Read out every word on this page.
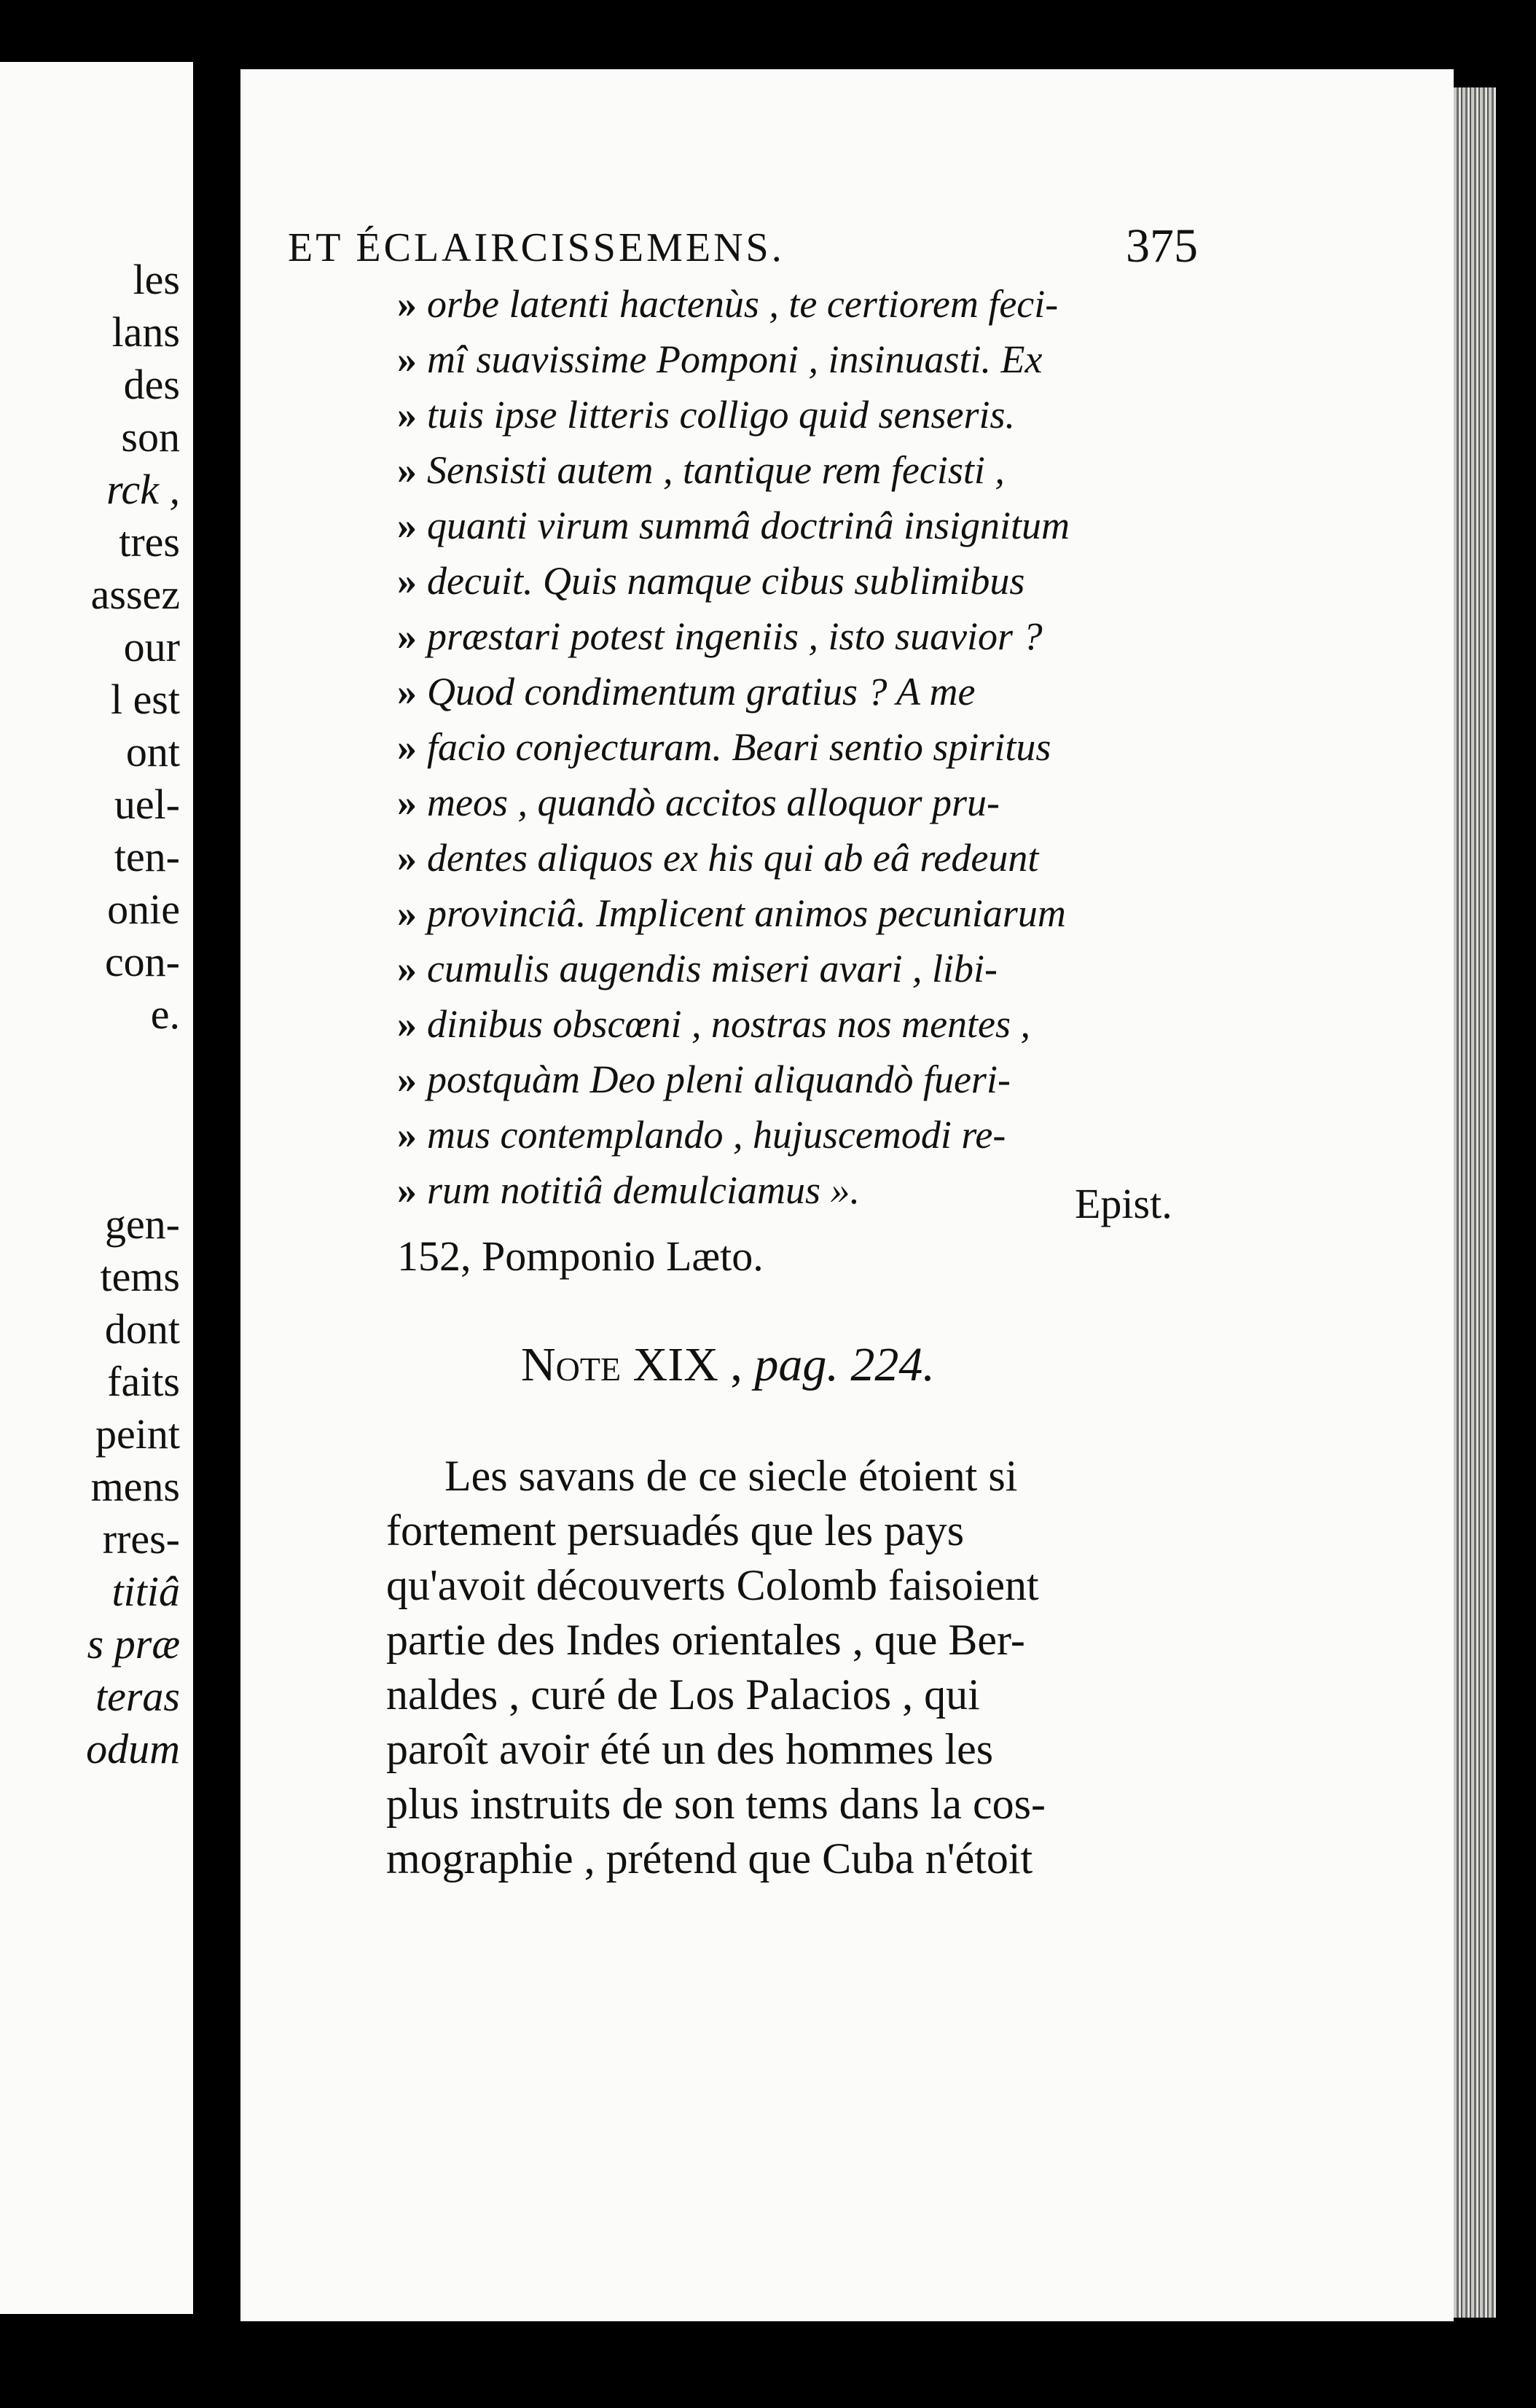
les
lans
des
son
rck ,
tres
assez
our
l est
ont
uel-
ten-
onie
con-
e.
gen-
tems
dont
faits
peint
mens
rres-
titiâ
s præ
teras
odum
ET ÉCLAIRCISSEMENS.	375
» orbe latenti hactenùs , te certiorem feci-
» mî suavissime Pomponi , insinuasti. Ex
» tuis ipse litteris colligo quid senseris.
» Sensisti autem , tantique rem fecisti ,
» quanti virum summâ doctrinâ insignitum
» decuit. Quis namque cibus sublimibus
» præstari potest ingeniis , isto suavior ?
» Quod condimentum gratius ? A me
» facio conjecturam. Beari sentio spiritus
» meos , quandò accitos alloquor pru-
» dentes aliquos ex his qui ab eâ redeunt
» provinciâ. Implicent animos pecuniarum
» cumulis augendis miseri avari , libi-
» dinibus obscœni , nostras nos mentes ,
» postquàm Deo pleni aliquandò fueri-
» mus contemplando , hujuscemodi re-
» rum notitiâ demulciamus ».
152, Pomponio Læto.
Epist.
Note XIX , pag. 224.
Les savans de ce siecle étoient si
fortement persuadés que les pays
qu'avoit découverts Colomb faisoient
partie des Indes orientales , que Ber-
naldes , curé de Los Palacios , qui
paroît avoir été un des hommes les
plus instruits de son tems dans la cos-
mographie , prétend que Cuba n'étoit
